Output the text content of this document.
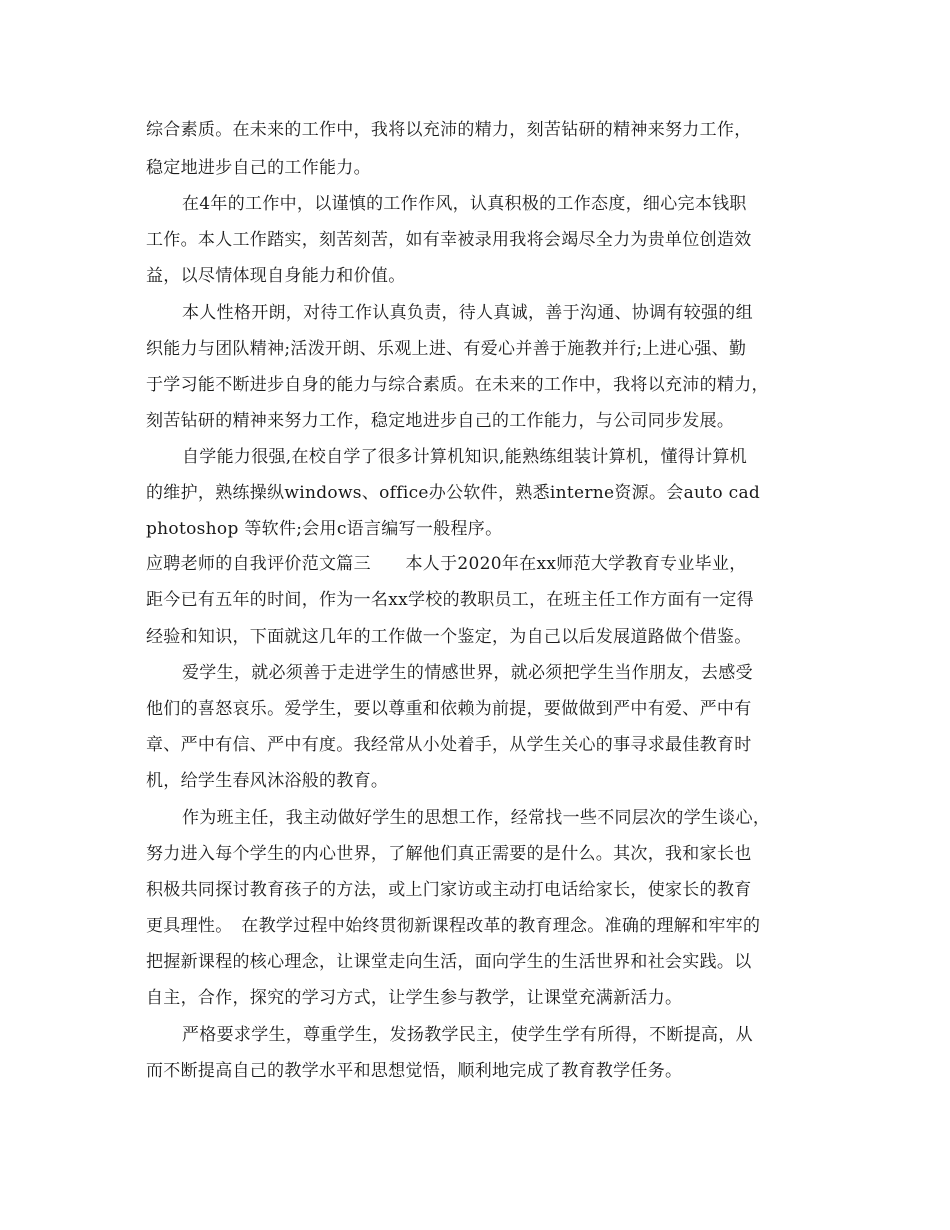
综合素质。在未来的工作中，我将以充沛的精力，刻苦钻研的精神来努力工作，

稳定地进步自己的工作能力。

在4年的工作中，以谨慎的工作作风，认真积极的工作态度，细心完本钱职

工作。本人工作踏实，刻苦刻苦，如有幸被录用我将会竭尽全力为贵单位创造效

益，以尽情体现自身能力和价值。

本人性格开朗，对待工作认真负责，待人真诚，善于沟通、协调有较强的组

织能力与团队精神;活泼开朗、乐观上进、有爱心并善于施教并行;上进心强、勤

于学习能不断进步自身的能力与综合素质。在未来的工作中，我将以充沛的精力，

刻苦钻研的精神来努力工作，稳定地进步自己的工作能力，与公司同步发展。

自学能力很强,在校自学了很多计算机知识,能熟练组装计算机，懂得计算机

的维护，熟练操纵windows、office办公软件，熟悉interne资源。会auto cad

photoshop 等软件;会用c语言编写一般程序。

应聘老师的自我评价范文篇三　　本人于2020年在xx师范大学教育专业毕业，

距今已有五年的时间，作为一名xx学校的教职员工，在班主任工作方面有一定得

经验和知识，下面就这几年的工作做一个鉴定，为自己以后发展道路做个借鉴。

爱学生，就必须善于走进学生的情感世界，就必须把学生当作朋友，去感受

他们的喜怒哀乐。爱学生，要以尊重和依赖为前提，要做做到严中有爱、严中有

章、严中有信、严中有度。我经常从小处着手，从学生关心的事寻求最佳教育时

机，给学生春风沐浴般的教育。

作为班主任，我主动做好学生的思想工作，经常找一些不同层次的学生谈心，

努力进入每个学生的内心世界，了解他们真正需要的是什么。其次，我和家长也

积极共同探讨教育孩子的方法，或上门家访或主动打电话给家长，使家长的教育

更具理性。　在教学过程中始终贯彻新课程改革的教育理念。准确的理解和牢牢的

把握新课程的核心理念，让课堂走向生活，面向学生的生活世界和社会实践。以

自主，合作，探究的学习方式，让学生参与教学，让课堂充满新活力。

严格要求学生，尊重学生，发扬教学民主，使学生学有所得，不断提高，从

而不断提高自己的教学水平和思想觉悟，顺利地完成了教育教学任务。
